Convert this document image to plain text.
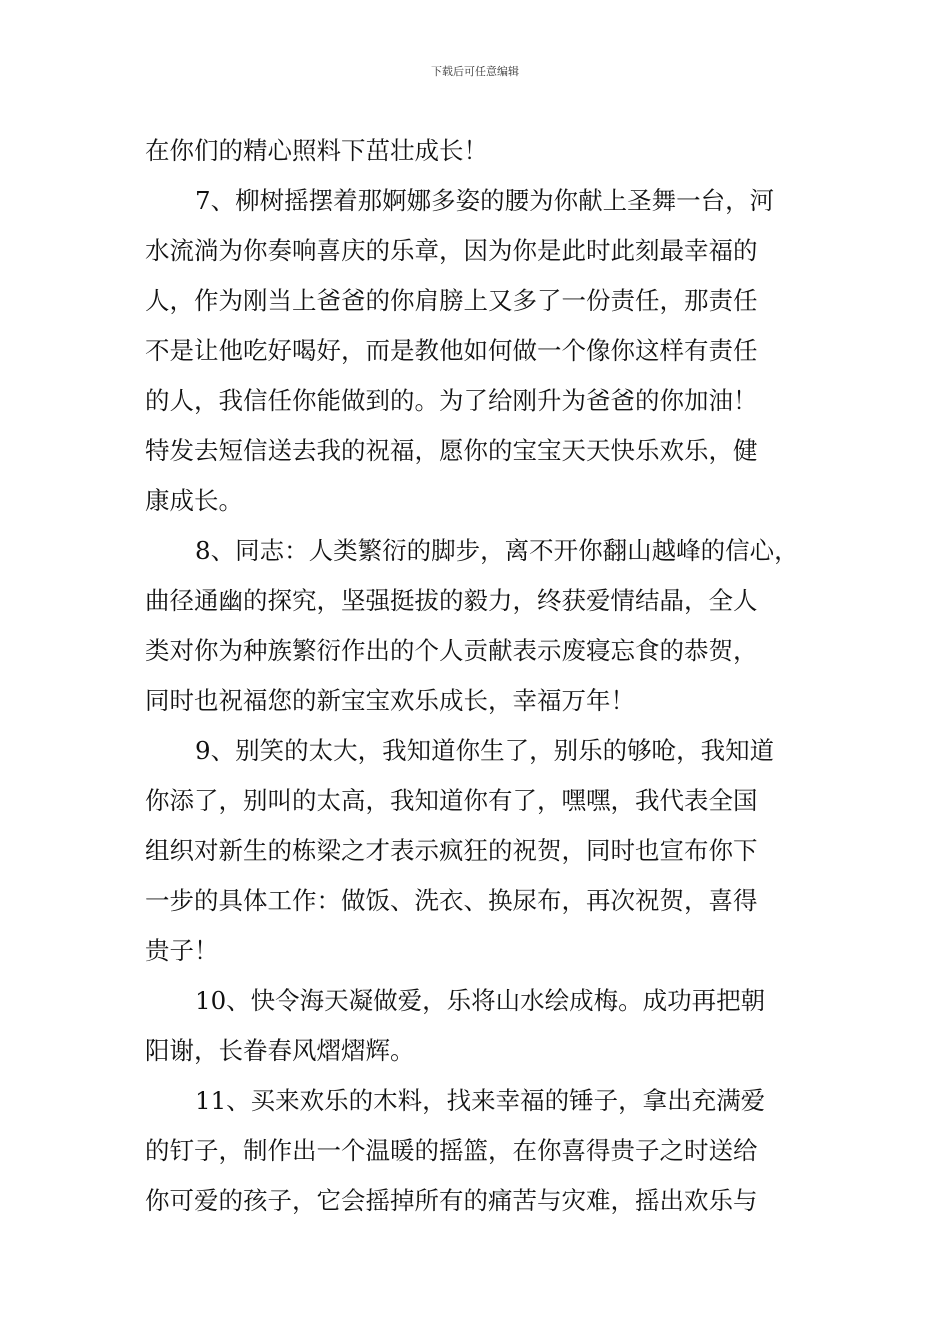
下载后可任意编辑
在你们的精心照料下茁壮成长！
7、柳树摇摆着那婀娜多姿的腰为你献上圣舞一台，河
水流淌为你奏响喜庆的乐章，因为你是此时此刻最幸福的
人，作为刚当上爸爸的你肩膀上又多了一份责任，那责任
不是让他吃好喝好，而是教他如何做一个像你这样有责任
的人，我信任你能做到的。为了给刚升为爸爸的你加油！
特发去短信送去我的祝福，愿你的宝宝天天快乐欢乐，健
康成长。
8、同志：人类繁衍的脚步，离不开你翻山越峰的信心，
曲径通幽的探究，坚强挺拔的毅力，终获爱情结晶，全人
类对你为种族繁衍作出的个人贡献表示废寝忘食的恭贺，
同时也祝福您的新宝宝欢乐成长，幸福万年！
9、别笑的太大，我知道你生了，别乐的够呛，我知道
你添了，别叫的太高，我知道你有了，嘿嘿，我代表全国
组织对新生的栋梁之才表示疯狂的祝贺，同时也宣布你下
一步的具体工作：做饭、洗衣、换尿布，再次祝贺，喜得
贵子！
10、快令海天凝做爱，乐将山水绘成梅。成功再把朝
阳谢，长眷春风熠熠辉。
11、买来欢乐的木料，找来幸福的锤子，拿出充满爱
的钉子，制作出一个温暖的摇篮，在你喜得贵子之时送给
你可爱的孩子，它会摇掉所有的痛苦与灾难，摇出欢乐与
